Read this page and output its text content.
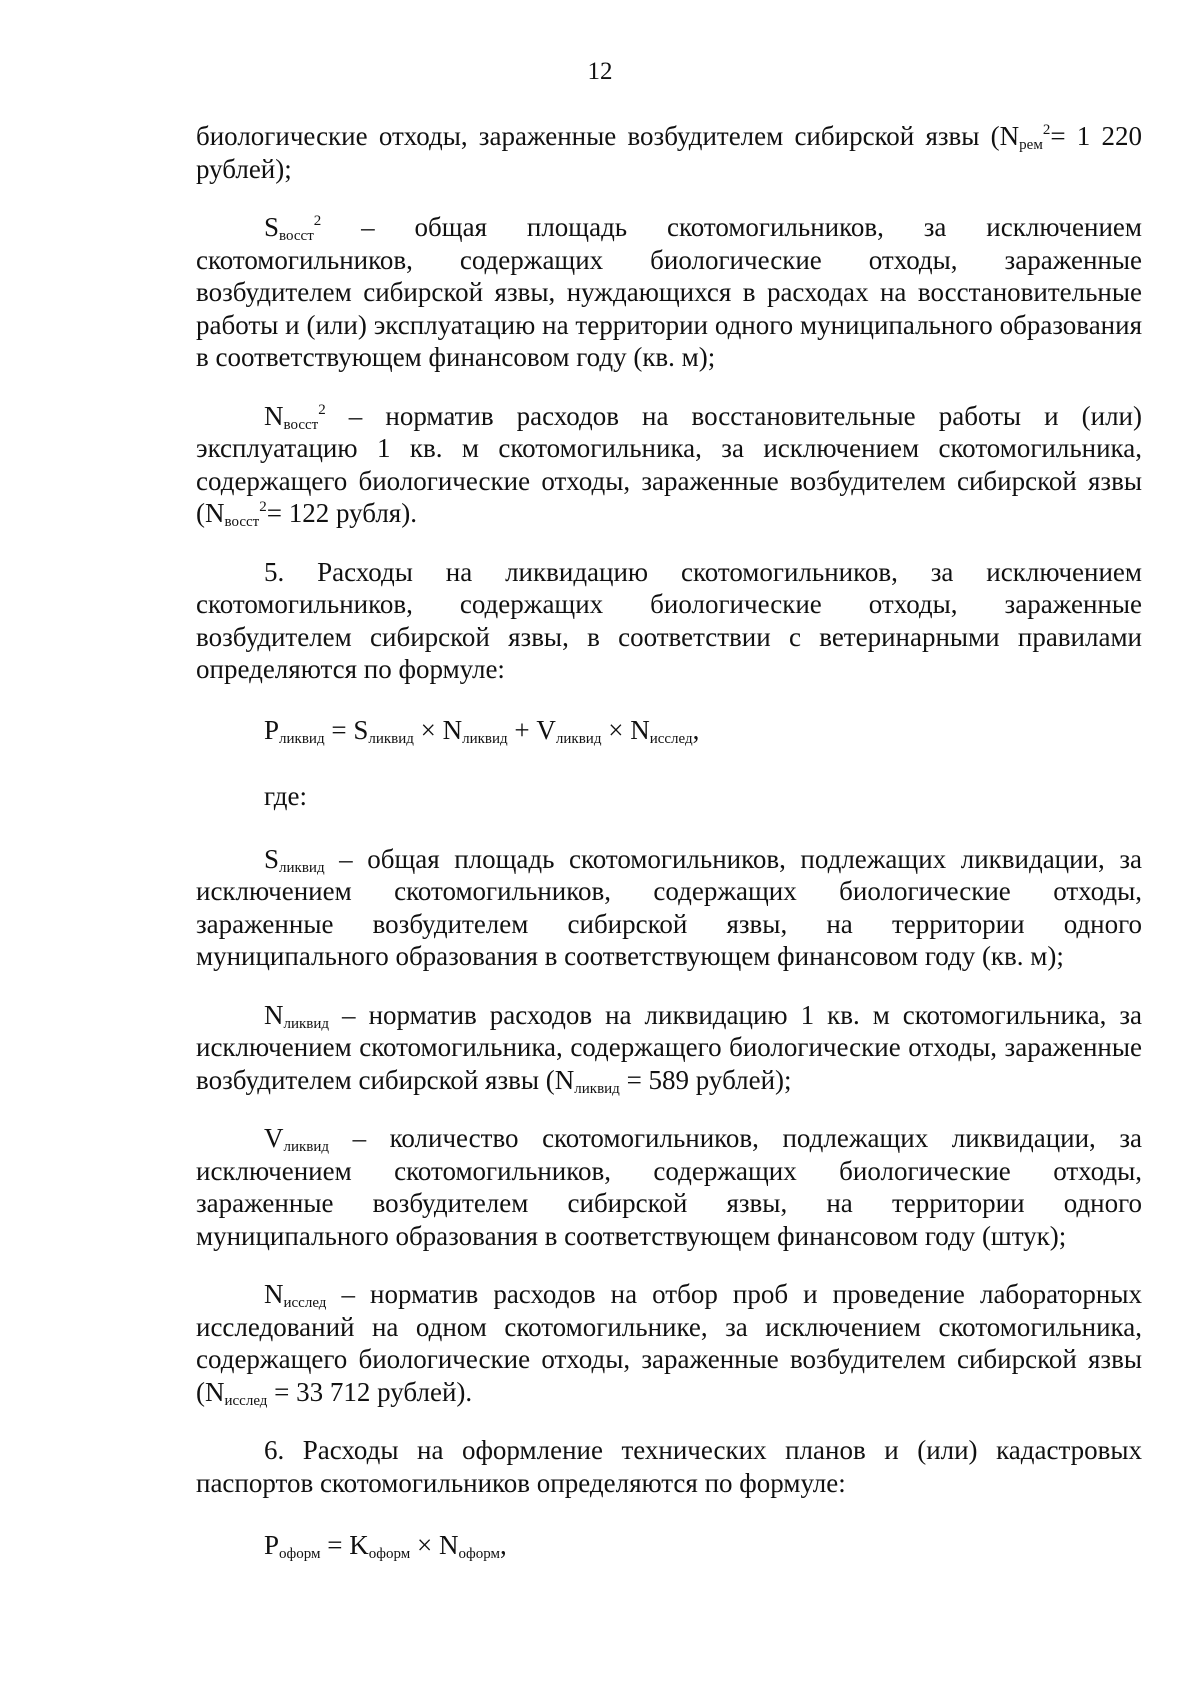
12

биологические отходы, зараженные возбудителем сибирской язвы ($N_{рем}^2= 1$ 220 рублей);

$S_{восст}^2$ – общая площадь скотомогильников, за исключением скотомогильников, содержащих биологические отходы, зараженные возбудителем сибирской язвы, нуждающихся в расходах на восстановительные работы и (или) эксплуатацию на территории одного муниципального образования в соответствующем финансовом году (кв. м);

$N_{восст}^2$ – норматив расходов на восстановительные работы и (или) эксплуатацию 1 кв. м скотомогильника, за исключением скотомогильника, содержащего биологические отходы, зараженные возбудителем сибирской язвы ($N_{восст}^2= 122$ рубля).

5. Расходы на ликвидацию скотомогильников, за исключением скотомогильников, содержащих биологические отходы, зараженные возбудителем сибирской язвы, в соответствии с ветеринарными правилами определяются по формуле:

$P_{ликвид} = S_{ликвид} \times N_{ликвид} + V_{ликвид} \times N_{исслед}$,

где:

$S_{ликвид}$ – общая площадь скотомогильников, подлежащих ликвидации, за исключением скотомогильников, содержащих биологические отходы, зараженные возбудителем сибирской язвы, на территории одного муниципального образования в соответствующем финансовом году (кв. м);

$N_{ликвид}$ – норматив расходов на ликвидацию 1 кв. м скотомогильника, за исключением скотомогильника, содержащего биологические отходы, зараженные возбудителем сибирской язвы ($N_{ликвид} = 589$ рублей);

$V_{ликвид}$ – количество скотомогильников, подлежащих ликвидации, за исключением скотомогильников, содержащих биологические отходы, зараженные возбудителем сибирской язвы, на территории одного муниципального образования в соответствующем финансовом году (штук);

$N_{исслед}$ – норматив расходов на отбор проб и проведение лабораторных исследований на одном скотомогильнике, за исключением скотомогильника, содержащего биологические отходы, зараженные возбудителем сибирской язвы ($N_{исслед} = 33$ 712 рублей).

6. Расходы на оформление технических планов и (или) кадастровых паспортов скотомогильников определяются по формуле:

$P_{оформ} = K_{оформ} \times N_{оформ}$,
